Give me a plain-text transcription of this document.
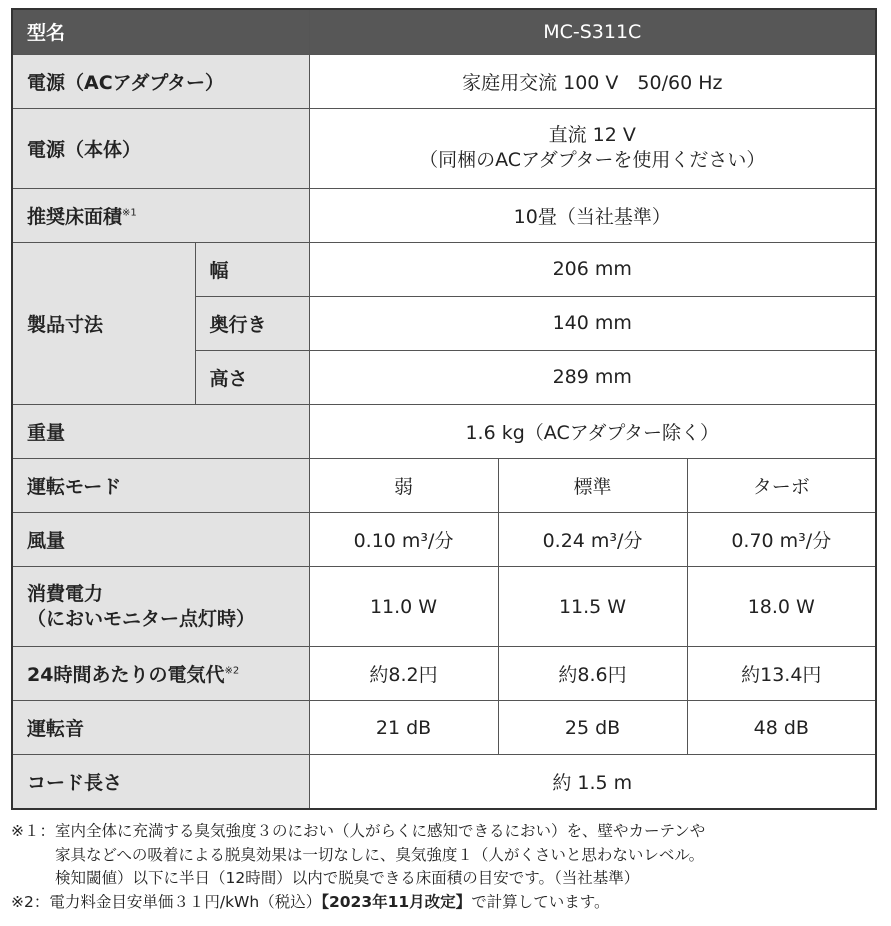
型名		MC-S311C		
電源（ACアダプター）		家庭用交流 100 V　50/60 Hz		
電源（本体）		直流 12 V
（同梱のACアダプターを使用ください）		

推奨床面積$^{※1}$		10畳（当社基準）		
製品寸法	幅	206 mm		
	奥行き	140 mm		
	高さ	289 mm		
重量		1.6 kg（ACアダプター除く）		
運転モード		弱	標準	ターボ
風量		0.10 m³/分	0.24 m³/分	0.70 m³/分

消費電力
（においモニター点灯時）		11.0 W	11.5 W	18.0 W
24時間あたりの電気代$^{※2}$		約8.2円	約8.6円	約13.4円
運転音		21 dB	25 dB	48 dB
コード長さ		約 1.5 m		
※１： 室内全体に充満する臭気強度３のにおい（人がらくに感知できるにおい）を、壁やカーテンや
家具などへの吸着による脱臭効果は一切なしに、臭気強度１（人がくさいと思わないレベル。
検知閾値）以下に半日（12時間）以内で脱臭できる床面積の目安です。（当社基準）
※2： 電力料金目安単価３１円/kWh（税込）【2023年11月改定】で計算しています。
